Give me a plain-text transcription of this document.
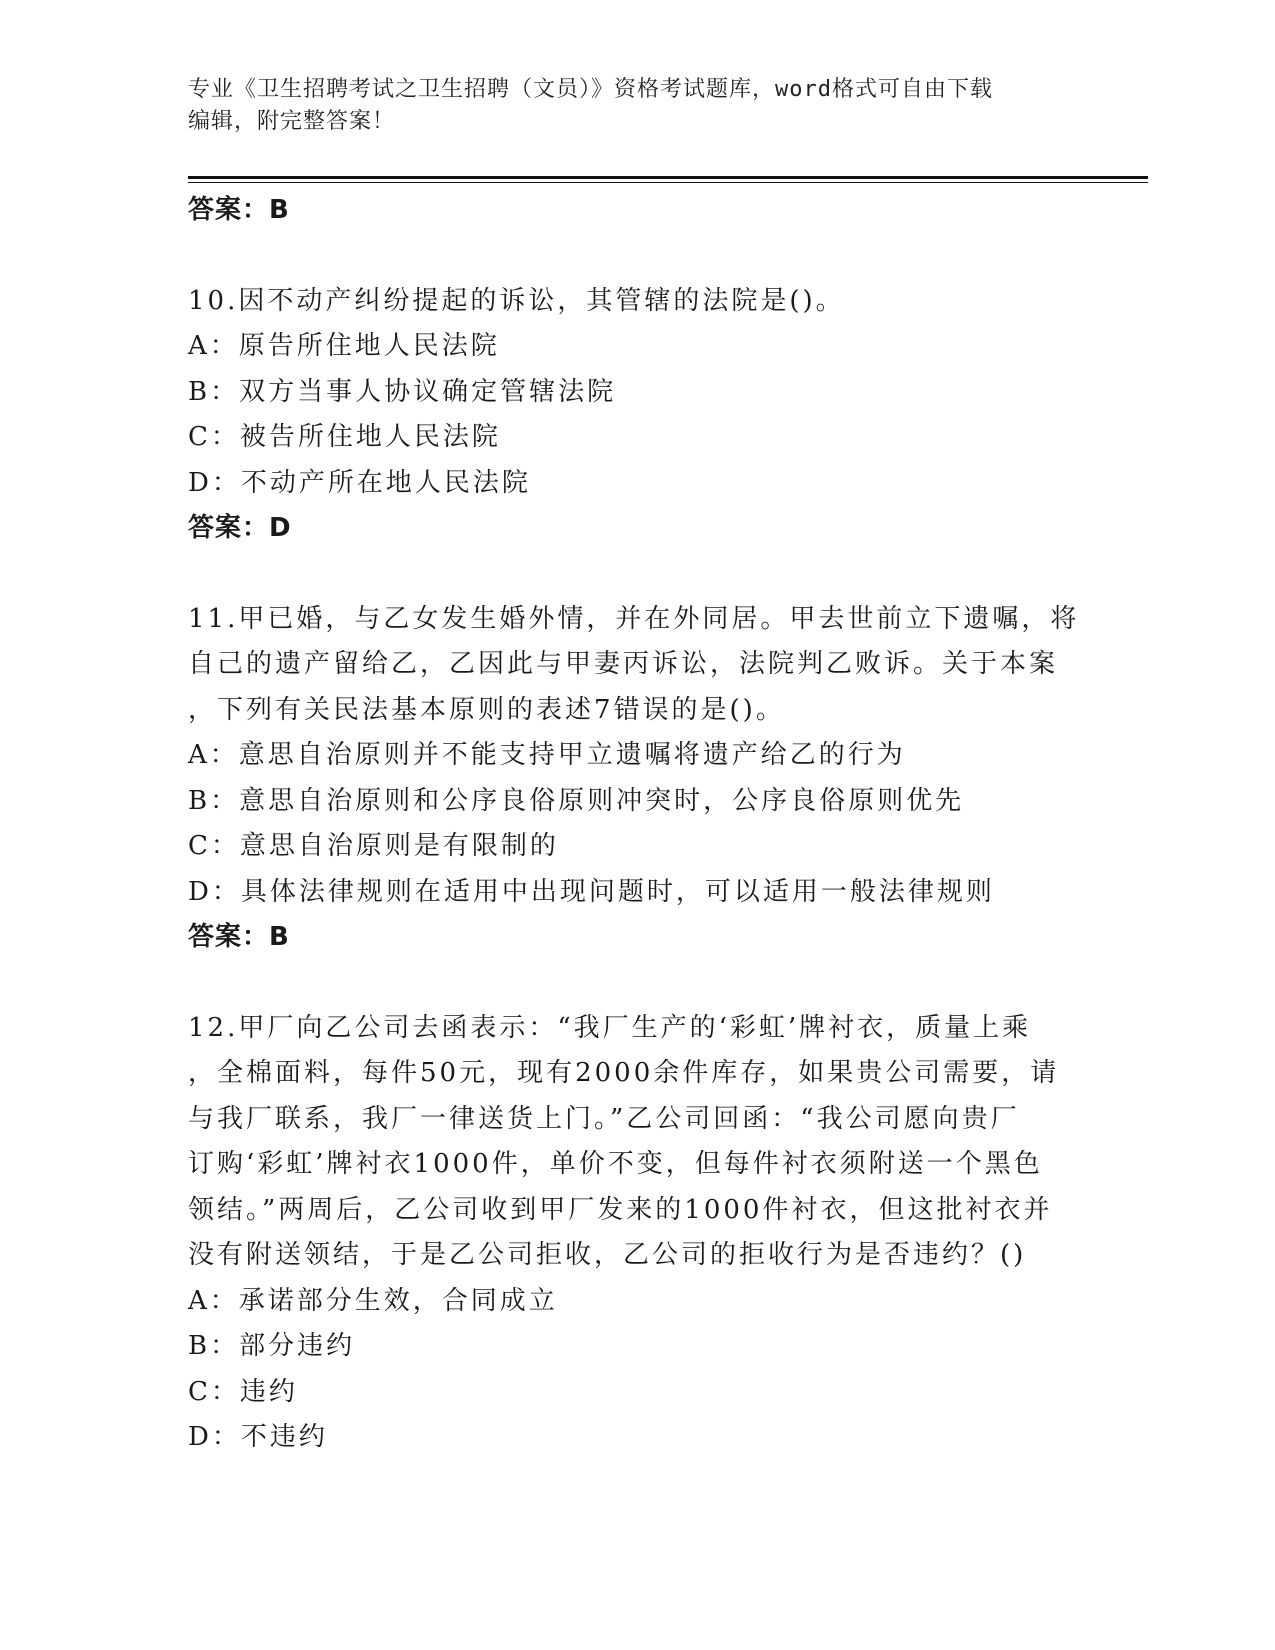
专业《卫生招聘考试之卫生招聘（文员）》资格考试题库，word格式可自由下载
编辑，附完整答案！
答案：B
10.因不动产纠纷提起的诉讼，其管辖的法院是()。
A：原告所住地人民法院
B：双方当事人协议确定管辖法院
C：被告所住地人民法院
D：不动产所在地人民法院
答案：D
11.甲已婚，与乙女发生婚外情，并在外同居。甲去世前立下遗嘱，将
自己的遗产留给乙，乙因此与甲妻丙诉讼，法院判乙败诉。关于本案
，下列有关民法基本原则的表述7错误的是()。
A：意思自治原则并不能支持甲立遗嘱将遗产给乙的行为
B：意思自治原则和公序良俗原则冲突时，公序良俗原则优先
C：意思自治原则是有限制的
D：具体法律规则在适用中出现问题时，可以适用一般法律规则
答案：B
12.甲厂向乙公司去函表示：“我厂生产的‘彩虹’牌衬衣，质量上乘
，全棉面料，每件50元，现有2000余件库存，如果贵公司需要，请
与我厂联系，我厂一律送货上门。”乙公司回函：“我公司愿向贵厂
订购‘彩虹’牌衬衣1000件，单价不变，但每件衬衣须附送一个黑色
领结。”两周后，乙公司收到甲厂发来的1000件衬衣，但这批衬衣并
没有附送领结，于是乙公司拒收，乙公司的拒收行为是否违约？()
A：承诺部分生效，合同成立
B：部分违约
C：违约
D：不违约
